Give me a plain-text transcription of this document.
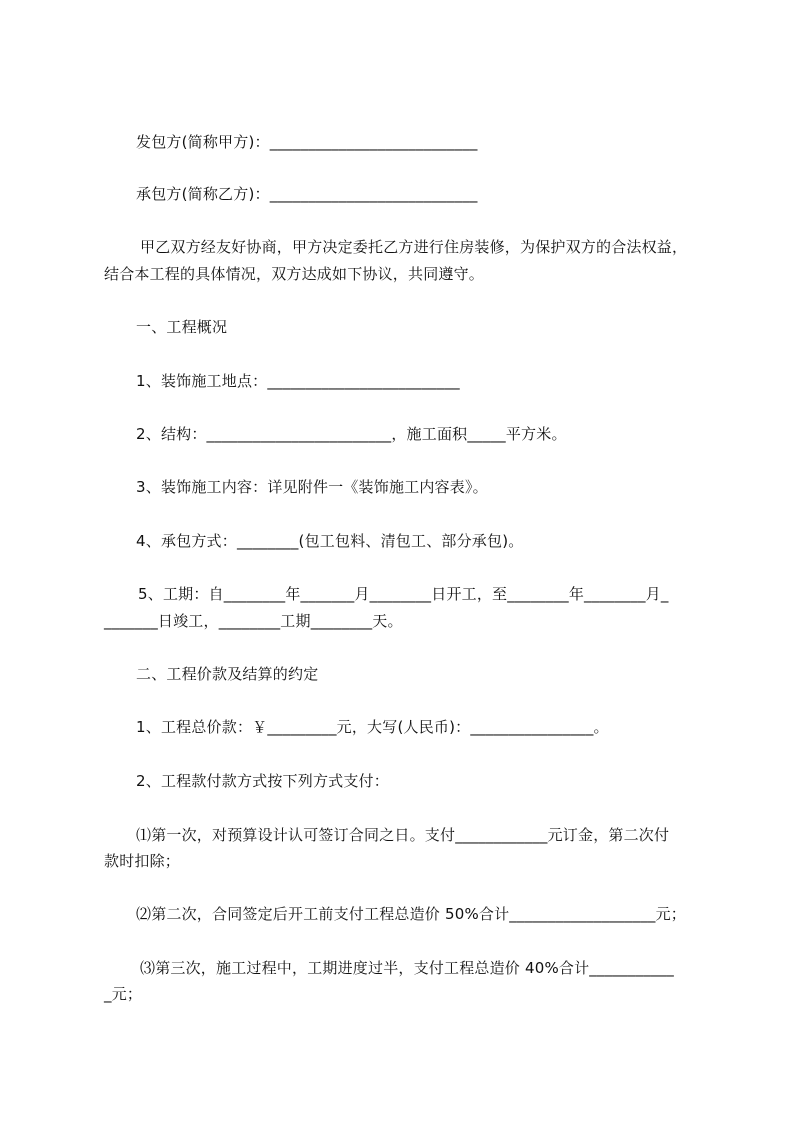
发包方(简称甲方)：___________________________
承包方(简称乙方)：___________________________
甲乙双方经友好协商，甲方决定委托乙方进行住房装修，为保护双方的合法权益，
结合本工程的具体情况，双方达成如下协议，共同遵守。
一、工程概况
1、装饰施工地点：_________________________
2、结构：________________________，施工面积_____平方米。
3、装饰施工内容：详见附件一《装饰施工内容表》。
4、承包方式：________(包工包料、清包工、部分承包)。
5、工期：自________年_______月________日开工，至________年________月_
_______日竣工，________工期________天。
二、工程价款及结算的约定
1、工程总价款：￥_________元，大写(人民币)：________________。
2、工程款付款方式按下列方式支付：
⑴第一次，对预算设计认可签订合同之日。支付____________元订金，第二次付
款时扣除；
⑵第二次，合同签定后开工前支付工程总造价 50%合计___________________元；
⑶第三次，施工过程中，工期进度过半，支付工程总造价 40%合计___________
_元；
